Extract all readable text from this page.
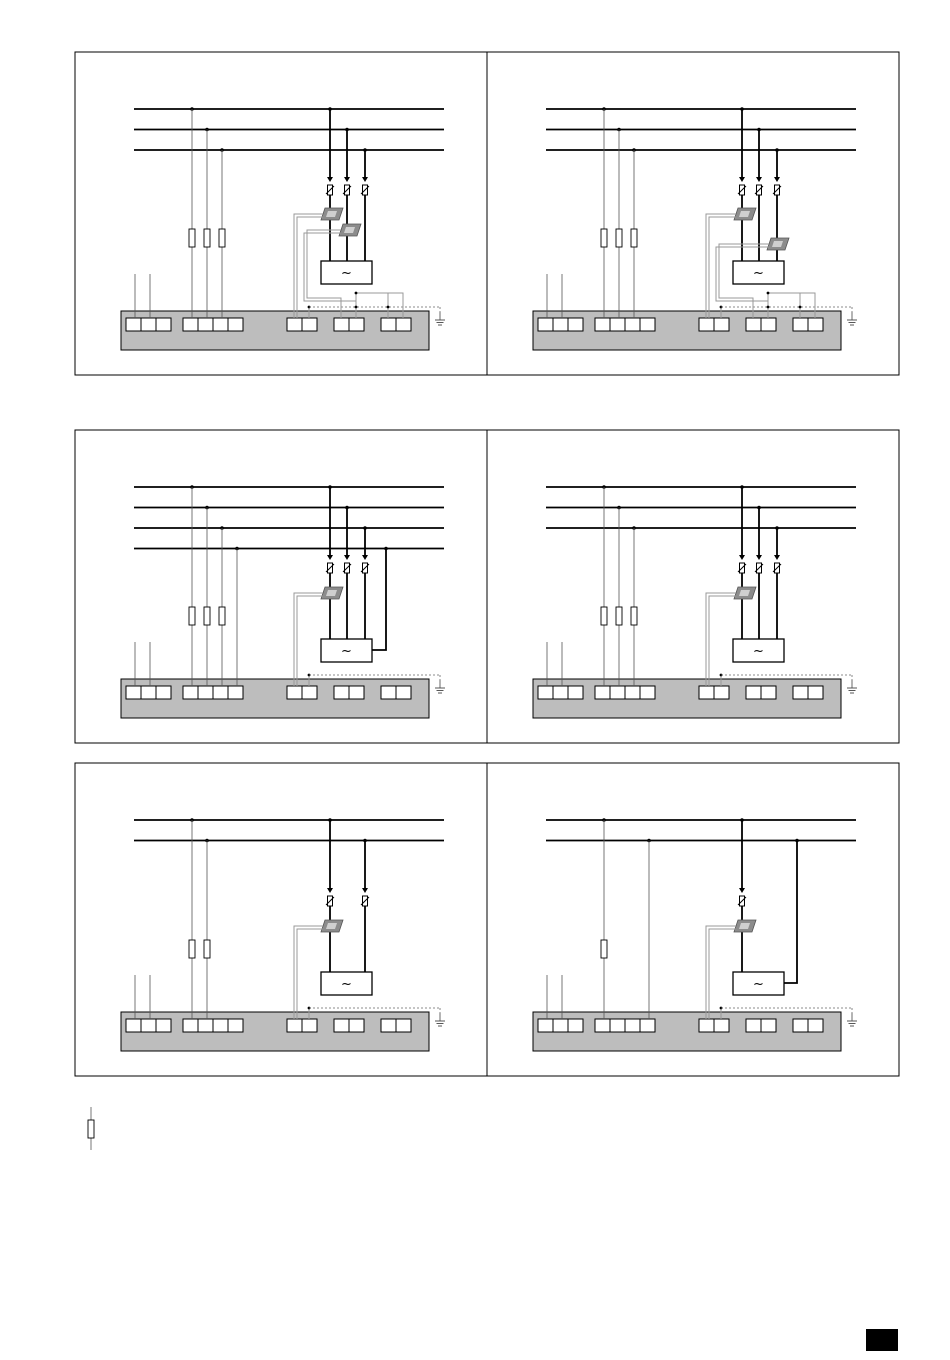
~	~
~	~
~	~
